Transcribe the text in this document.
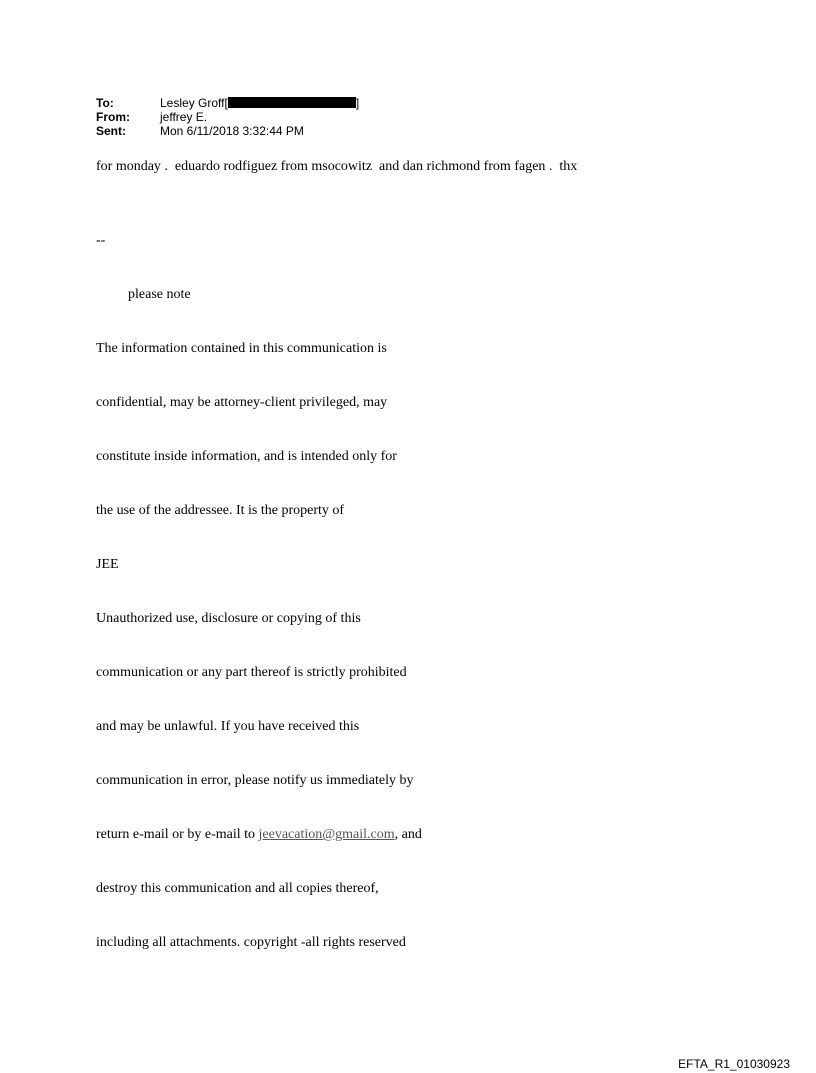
To:	Lesley Groff[	]
From:	jeffrey E.
Sent:	Mon 6/11/2018 3:32:44 PM
for monday .  eduardo rodfiguez from msocowitz  and dan richmond from fagen .  thx

--

please note

The information contained in this communication is

confidential, may be attorney-client privileged, may

constitute inside information, and is intended only for

the use of the addressee. It is the property of

JEE

Unauthorized use, disclosure or copying of this

communication or any part thereof is strictly prohibited

and may be unlawful. If you have received this

communication in error, please notify us immediately by

return e-mail or by e-mail to jeevacation@gmail.com, and

destroy this communication and all copies thereof,

including all attachments. copyright -all rights reserved

EFTA_R1_01030923
